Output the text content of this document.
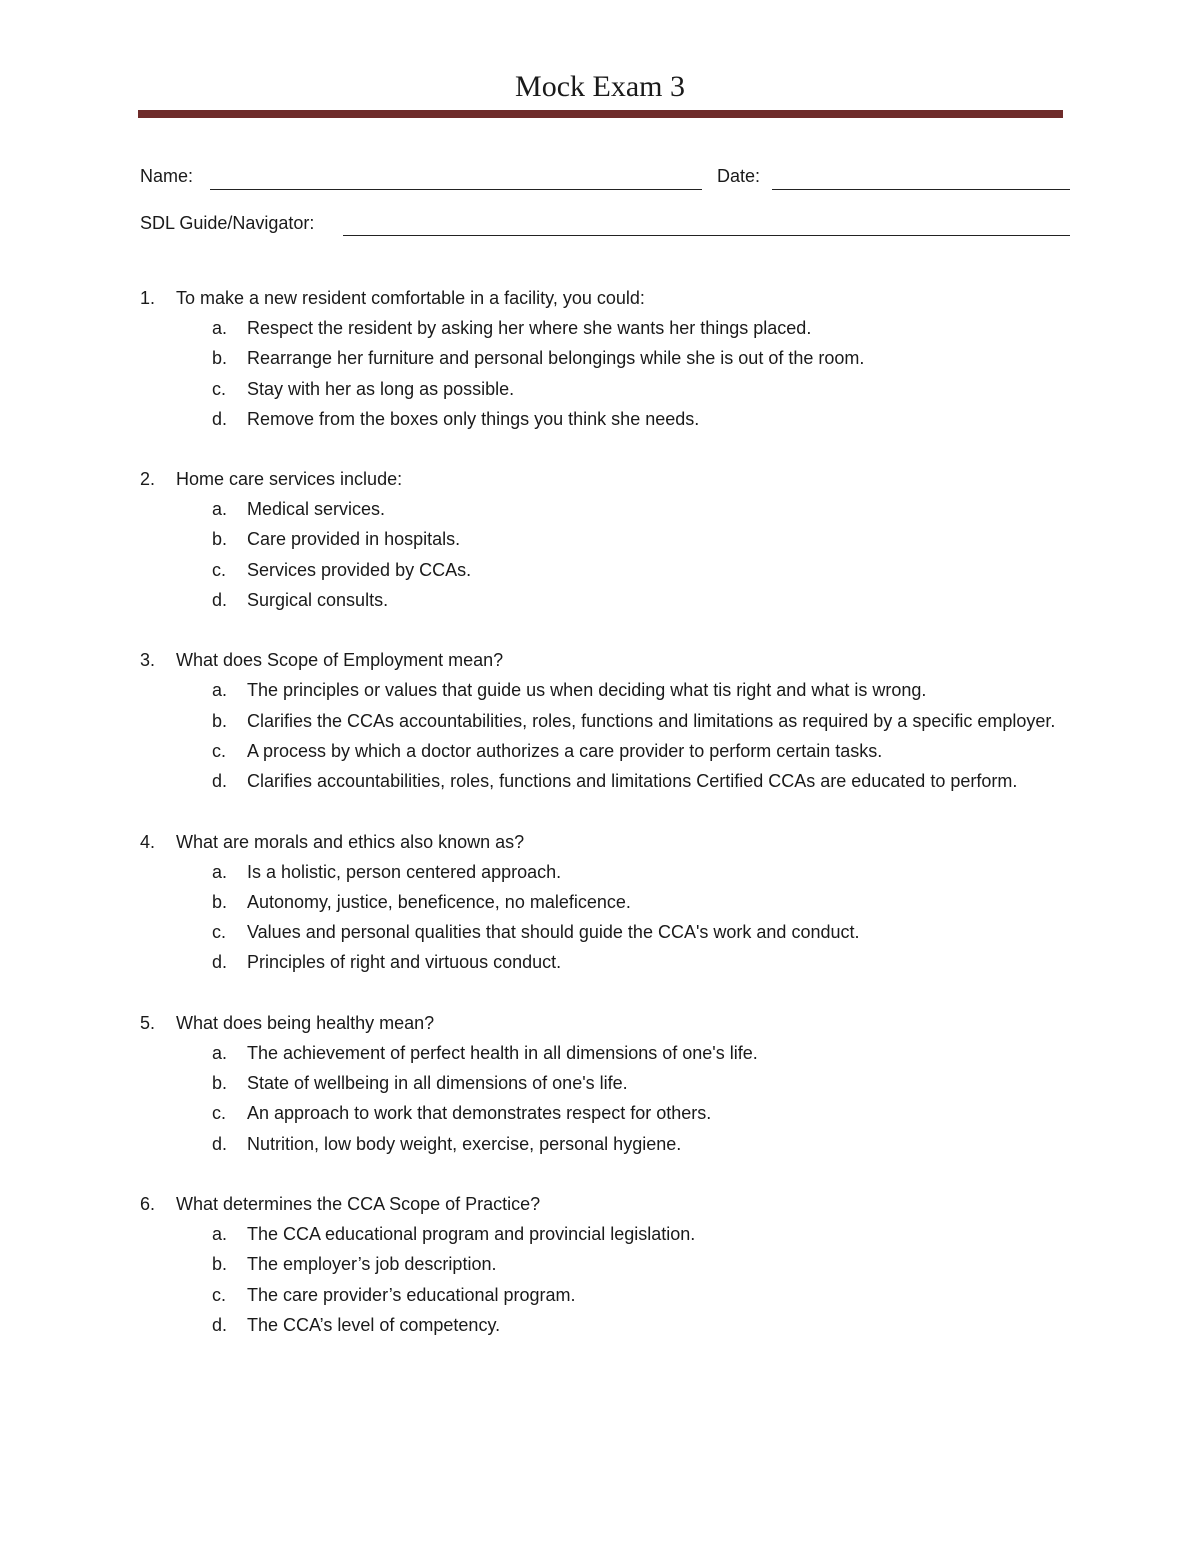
Mock Exam 3
Name:	Date:
SDL Guide/Navigator:
1. To make a new resident comfortable in a facility, you could:
a. Respect the resident by asking her where she wants her things placed.
b. Rearrange her furniture and personal belongings while she is out of the room.
c. Stay with her as long as possible.
d. Remove from the boxes only things you think she needs.
2. Home care services include:
a. Medical services.
b. Care provided in hospitals.
c. Services provided by CCAs.
d. Surgical consults.
3. What does Scope of Employment mean?
a. The principles or values that guide us when deciding what tis right and what is wrong.
b. Clarifies the CCAs accountabilities, roles, functions and limitations as required by a specific employer.
c. A process by which a doctor authorizes a care provider to perform certain tasks.
d. Clarifies accountabilities, roles, functions and limitations Certified CCAs are educated to perform.
4. What are morals and ethics also known as?
a. Is a holistic, person centered approach.
b. Autonomy, justice, beneficence, no maleficence.
c. Values and personal qualities that should guide the CCA's work and conduct.
d. Principles of right and virtuous conduct.
5. What does being healthy mean?
a. The achievement of perfect health in all dimensions of one's life.
b. State of wellbeing in all dimensions of one's life.
c. An approach to work that demonstrates respect for others.
d. Nutrition, low body weight, exercise, personal hygiene.
6. What determines the CCA Scope of Practice?
a. The CCA educational program and provincial legislation.
b. The employer’s job description.
c. The care provider’s educational program.
d. The CCA’s level of competency.
